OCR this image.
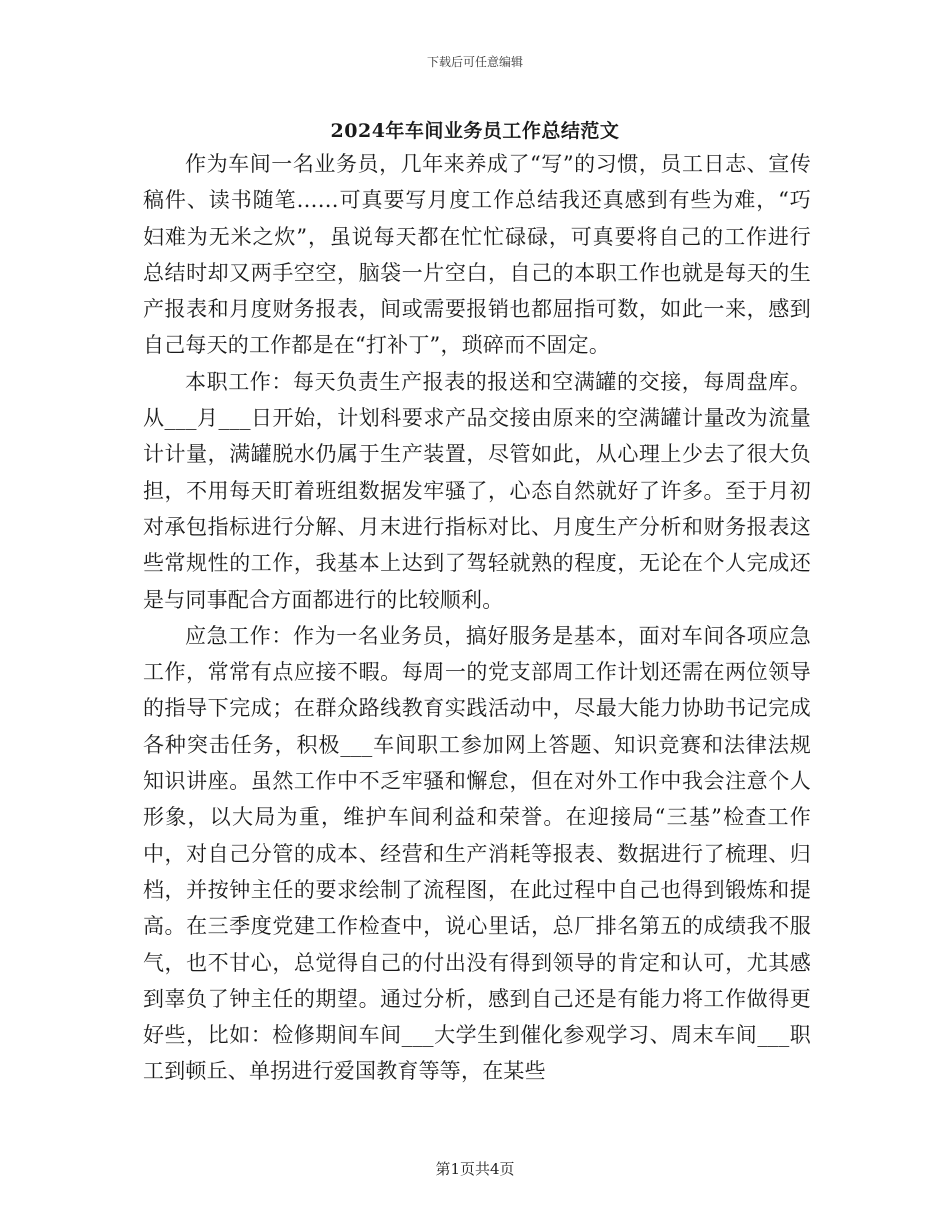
下载后可任意编辑
2024年车间业务员工作总结范文

作为车间一名业务员，几年来养成了“写”的习惯，员工日志、宣传稿件、读书随笔……可真要写月度工作总结我还真感到有些为难，“巧妇难为无米之炊”，虽说每天都在忙忙碌碌，可真要将自己的工作进行总结时却又两手空空，脑袋一片空白，自己的本职工作也就是每天的生产报表和月度财务报表，间或需要报销也都屈指可数，如此一来，感到自己每天的工作都是在“打补丁”，琐碎而不固定。

本职工作：每天负责生产报表的报送和空满罐的交接，每周盘库。从___月___日开始，计划科要求产品交接由原来的空满罐计量改为流量计计量，满罐脱水仍属于生产装置，尽管如此，从心理上少去了很大负担，不用每天盯着班组数据发牢骚了，心态自然就好了许多。至于月初对承包指标进行分解、月末进行指标对比、月度生产分析和财务报表这些常规性的工作，我基本上达到了驾轻就熟的程度，无论在个人完成还是与同事配合方面都进行的比较顺利。

应急工作：作为一名业务员，搞好服务是基本，面对车间各项应急工作，常常有点应接不暇。每周一的党支部周工作计划还需在两位领导的指导下完成；在群众路线教育实践活动中，尽最大能力协助书记完成各种突击任务，积极___车间职工参加网上答题、知识竞赛和法律法规知识讲座。虽然工作中不乏牢骚和懈怠，但在对外工作中我会注意个人形象，以大局为重，维护车间利益和荣誉。在迎接局“三基”检查工作中，对自己分管的成本、经营和生产消耗等报表、数据进行了梳理、归档，并按钟主任的要求绘制了流程图，在此过程中自己也得到锻炼和提高。在三季度党建工作检查中，说心里话，总厂排名第五的成绩我不服气，也不甘心，总觉得自己的付出没有得到领导的肯定和认可，尤其感到辜负了钟主任的期望。通过分析，感到自己还是有能力将工作做得更好些，比如：检修期间车间___大学生到催化参观学习、周末车间___职工到顿丘、单拐进行爱国教育等等，在某些

第1页共4页
